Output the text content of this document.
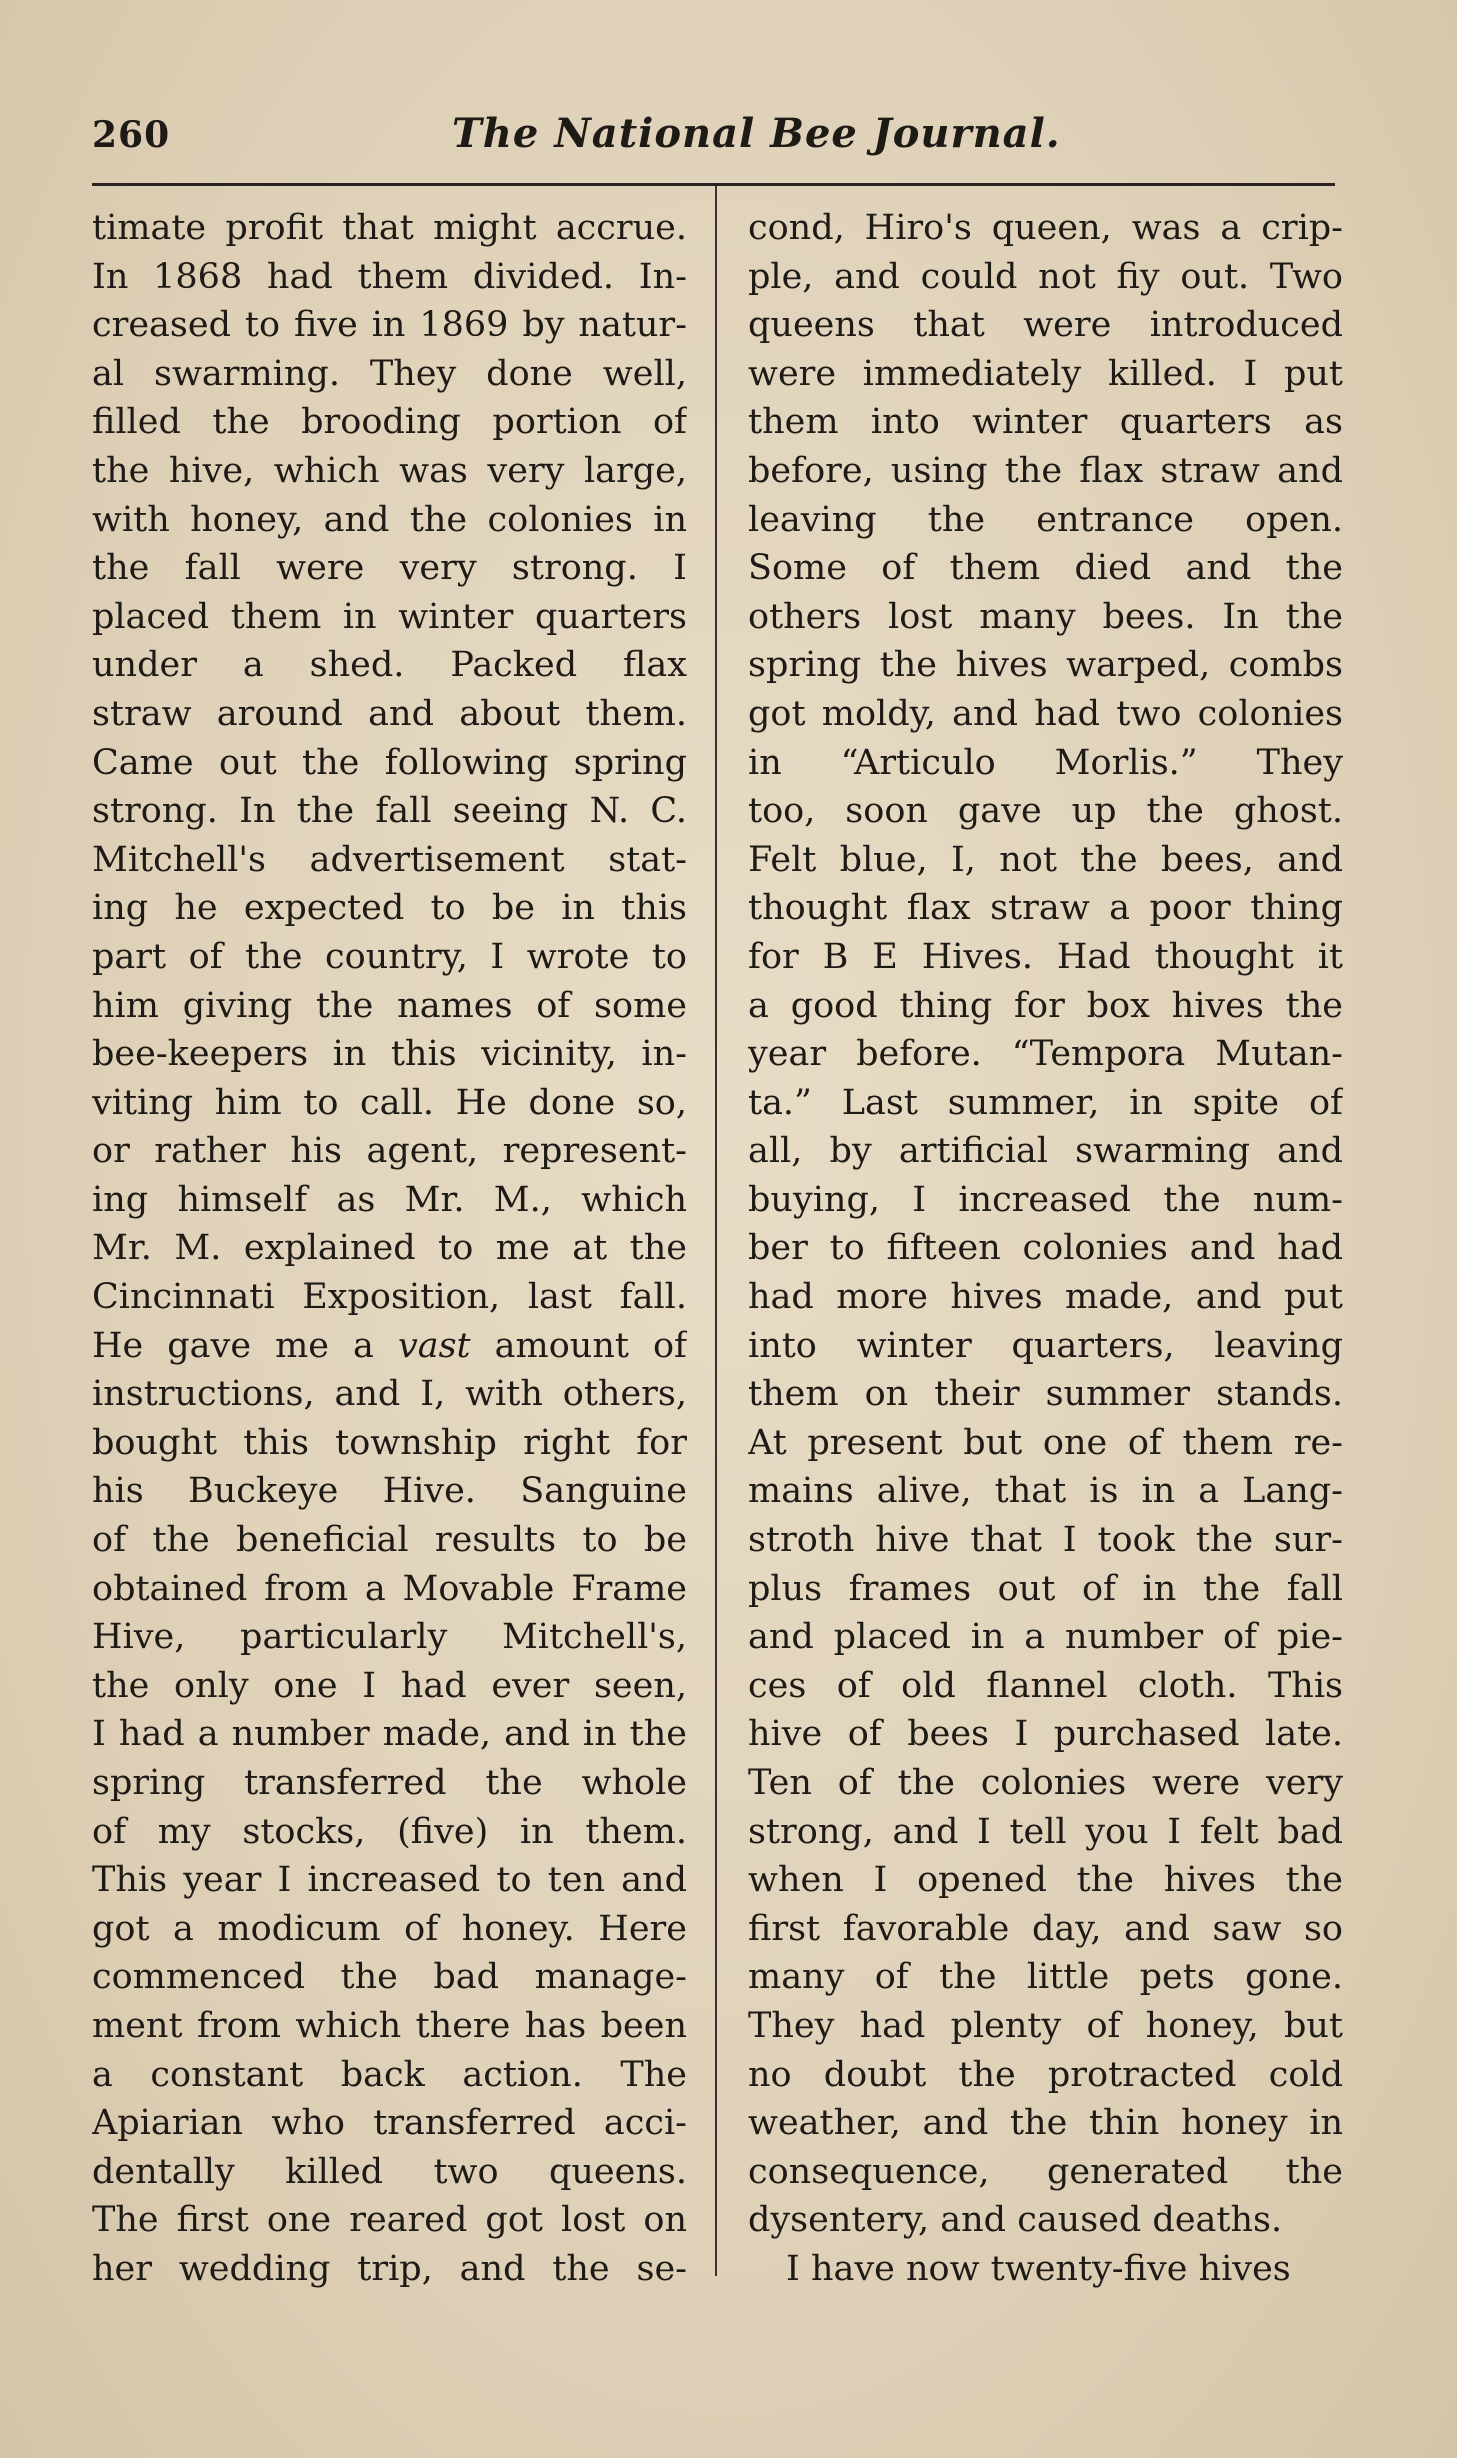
260	The National Bee Journal.
timate profit that might accrue.
In 1868 had them divided. In-
creased to five in 1869 by natur-
al swarming. They done well,
filled the brooding portion of
the hive, which was very large,
with honey, and the colonies in
the fall were very strong. I
placed them in winter quarters
under a shed. Packed flax
straw around and about them.
Came out the following spring
strong. In the fall seeing N. C.
Mitchell's advertisement stat-
ing he expected to be in this
part of the country, I wrote to
him giving the names of some
bee-keepers in this vicinity, in-
viting him to call. He done so,
or rather his agent, represent-
ing himself as Mr. M., which
Mr. M. explained to me at the
Cincinnati Exposition, last fall.
He gave me a vast amount of
instructions, and I, with others,
bought this township right for
his Buckeye Hive. Sanguine
of the beneficial results to be
obtained from a Movable Frame
Hive, particularly Mitchell's,
the only one I had ever seen,
I had a number made, and in the
spring transferred the whole
of my stocks, (five) in them.
This year I increased to ten and
got a modicum of honey. Here
commenced the bad manage-
ment from which there has been
a constant back action. The
Apiarian who transferred acci-
dentally killed two queens.
The first one reared got lost on
her wedding trip, and the se-
cond, Hiro's queen, was a crip-
ple, and could not fiy out. Two
queens that were introduced
were immediately killed. I put
them into winter quarters as
before, using the flax straw and
leaving the entrance open.
Some of them died and the
others lost many bees. In the
spring the hives warped, combs
got moldy, and had two colonies
in “Articulo Morlis.” They
too, soon gave up the ghost.
Felt blue, I, not the bees, and
thought flax straw a poor thing
for B E Hives. Had thought it
a good thing for box hives the
year before. “Tempora Mutan-
ta.” Last summer, in spite of
all, by artificial swarming and
buying, I increased the num-
ber to fifteen colonies and had
had more hives made, and put
into winter quarters, leaving
them on their summer stands.
At present but one of them re-
mains alive, that is in a Lang-
stroth hive that I took the sur-
plus frames out of in the fall
and placed in a number of pie-
ces of old flannel cloth. This
hive of bees I purchased late.
Ten of the colonies were very
strong, and I tell you I felt bad
when I opened the hives the
first favorable day, and saw so
many of the little pets gone.
They had plenty of honey, but
no doubt the protracted cold
weather, and the thin honey in
consequence, generated the
dysentery, and caused deaths.
I have now twenty-five hives
